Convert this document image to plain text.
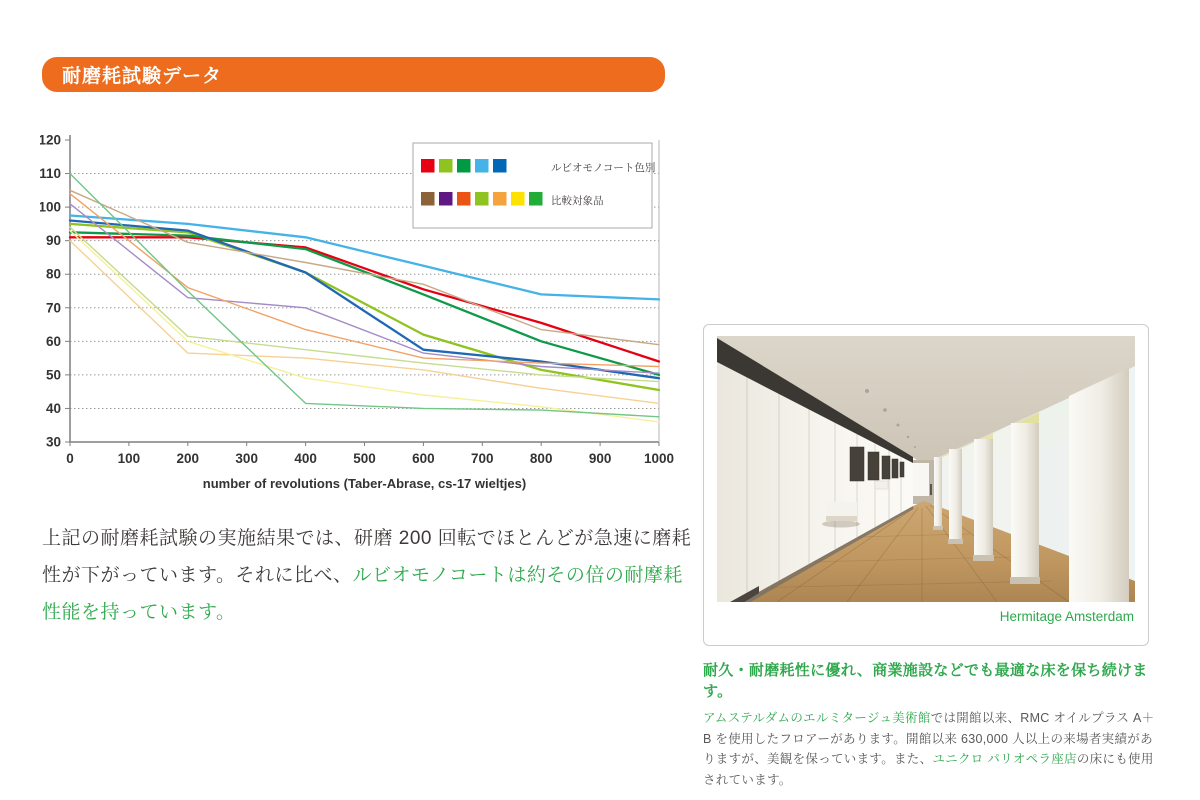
耐磨耗試験データ
30
40
50
60
70
80
90
100
110
120
0	100	200	300	400	500	600	700	800	900 1000
number of revolutions (Taber-Abrase, cs-17 wieltjes)
ルビオモノコート色別
比較対象品
上記の耐磨耗試験の実施結果では、研磨 200 回転でほとんどが急速に磨耗性が下がっています。それに比べ、ルビオモノコートは約その倍の耐摩耗性能を持っています。	Hermitage Amsterdam

耐久・耐磨耗性に優れ、商業施設などでも最適な床を保ち続けます。

アムステルダムのエルミタージュ美術館では開館以来、RMC オイルプラス A＋B を使用したフロアーがあります。開館以来 630,000 人以上の来場者実績がありますが、美観を保っています。また、ユニクロ パリオペラ座店の床にも使用されています。
